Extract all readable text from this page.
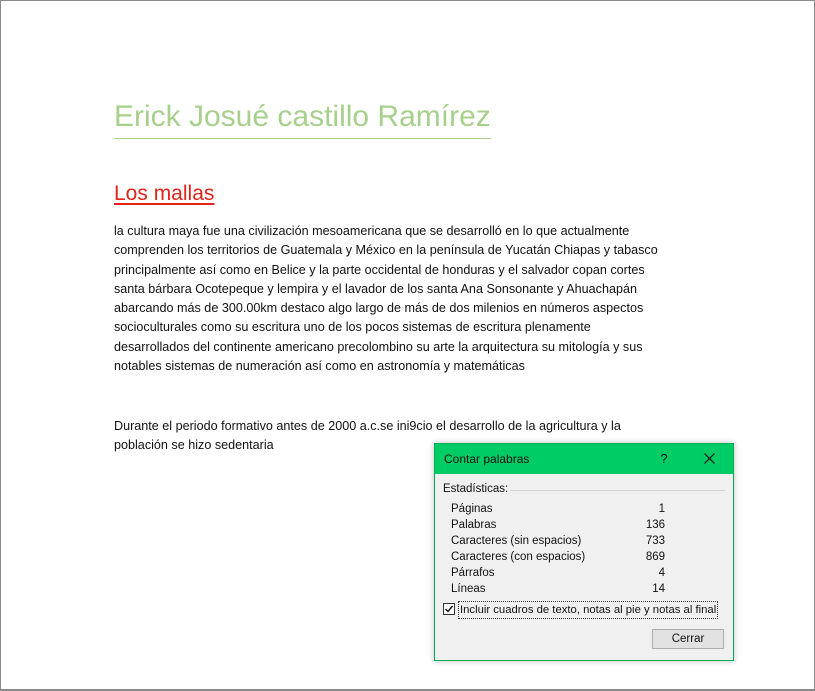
Erick Josué castillo Ramírez
Los mallas

la cultura maya fue una civilización mesoamericana que se desarrolló en lo que actualmente
comprenden los territorios de Guatemala y México en la península de Yucatán Chiapas y tabasco
principalmente así como en Belice y la parte occidental de honduras y el salvador copan cortes
santa bárbara Ocotepeque y lempira y el lavador de los santa Ana Sonsonante y Ahuachapán
abarcando más de 300.00km destaco algo largo de más de dos milenios en números aspectos
socioculturales como su escritura uno de los pocos sistemas de escritura plenamente
desarrollados del continente americano precolombino su arte la arquitectura su mitología y sus
notables sistemas de numeración así como en astronomía y matemáticas

Durante el periodo formativo antes de 2000 a.c.se ini9cio el desarrollo de la agricultura y la
población se hizo sedentaria

Contar palabras	?
Estadísticas:
Páginas	1
Palabras	136
Caracteres (sin espacios)	733
Caracteres (con espacios)	869
Párrafos	4
Líneas	14
Incluir cuadros de texto, notas al pie y notas al final
Cerrar
